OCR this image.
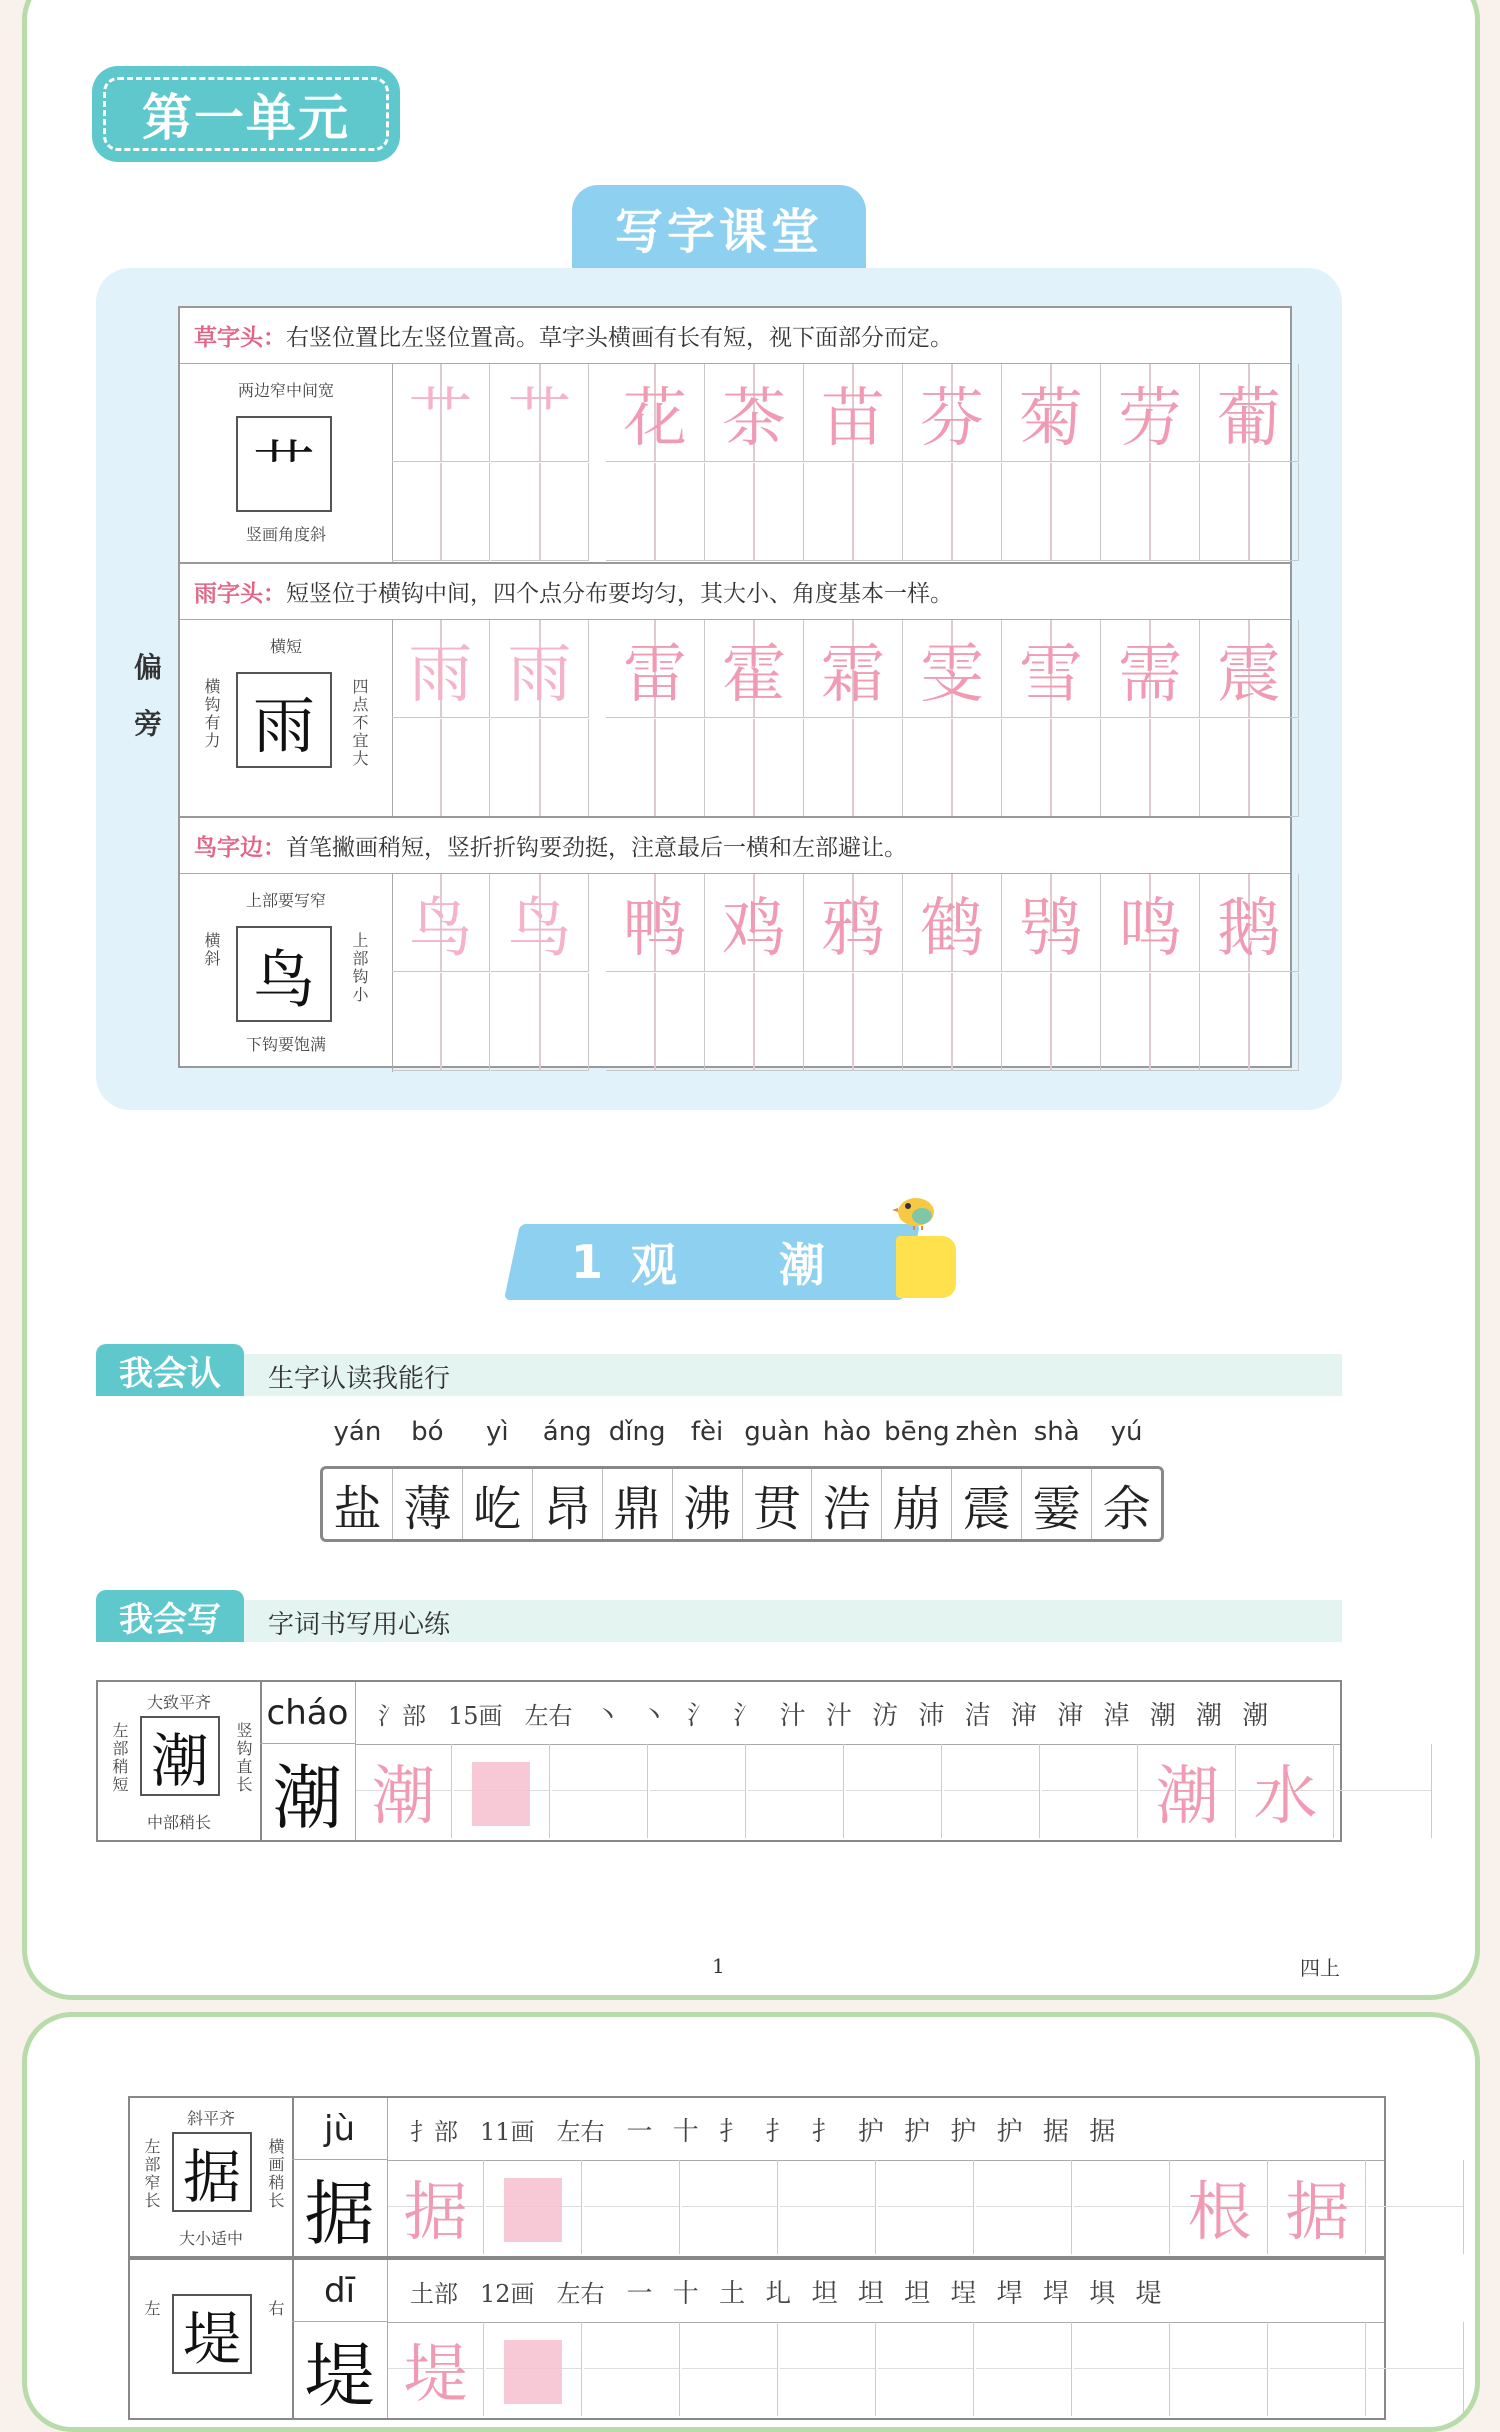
第一单元
写字课堂
偏
旁
草字头： 右竖位置比左竖位置高。草字头横画有长有短，视下面部分而定。
艹
两边窄中间宽
竖画角度斜
艹 艹 花 茶 苗 芬 菊 劳 葡
雨字头： 短竖位于横钩中间，四个点分布要均匀，其大小、角度基本一样。
雨
横短
横钩有力	四点不宜大
雨 雨 雷 霍 霜 雯 雪 需 震
鸟字边： 首笔撇画稍短，竖折折钩要劲挺，注意最后一横和左部避让。
鸟
上部要写窄
下钩要饱满
横斜	上部钩小
鸟 鸟 鸭 鸡 鸦 鹤 鸮 鸣 鹅
1 观　潮
我会认	生字认读我能行
yán
盐
bó
薄
yì
屹
áng
昂
dǐng
鼎
fèi
沸
guàn
贯
hào
浩
bēng
崩
zhèn
震
shà
霎
yú
余
我会写	字词书写用心练
潮
大致平齐
中部稍长
左部稍短	竖钩直长
cháo
潮
氵部 15画 左右 丶 丶 氵 氵 汁 汁 汸 沛 洁 渖 渖 淖 潮 潮 潮
潮	潮 水
1	四上
据
斜平齐
大小适中
左部窄长	横画稍长
jù
据
扌部 11画 左右 一 十 扌 扌 扌 护 护 护 护 据 据
据	根 据
堤
左	右	dī
堤
土部 12画 左右 一 十 土 圠 坦 坦 坦 埕 垾 垾 埧 堤
堤
